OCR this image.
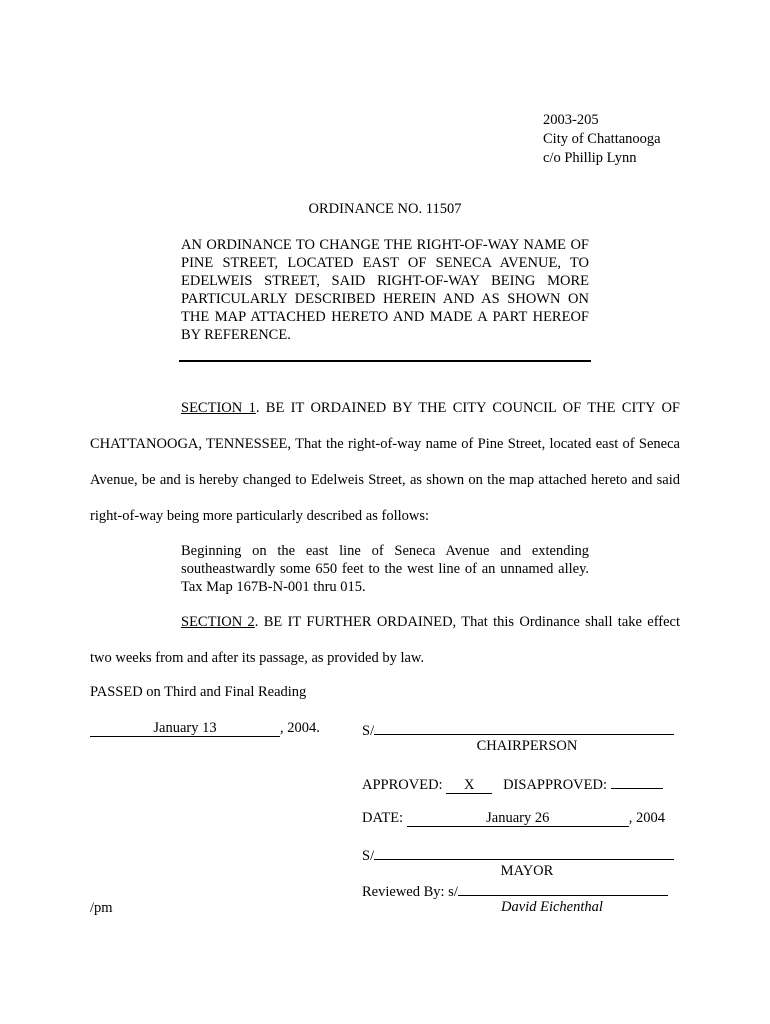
2003-205
City of Chattanooga
c/o Phillip Lynn
ORDINANCE NO. 11507
AN ORDINANCE TO CHANGE THE RIGHT-OF-WAY NAME OF PINE STREET, LOCATED EAST OF SENECA AVENUE, TO EDELWEIS STREET, SAID RIGHT-OF-WAY BEING MORE PARTICULARLY DESCRIBED HEREIN AND AS SHOWN ON THE MAP ATTACHED HERETO AND MADE A PART HEREOF BY REFERENCE.
SECTION 1. BE IT ORDAINED BY THE CITY COUNCIL OF THE CITY OF CHATTANOOGA, TENNESSEE, That the right-of-way name of Pine Street, located east of Seneca Avenue, be and is hereby changed to Edelweis Street, as shown on the map attached hereto and said right-of-way being more particularly described as follows:
Beginning on the east line of Seneca Avenue and extending southeastwardly some 650 feet to the west line of an unnamed alley. Tax Map 167B-N-001 thru 015.
SECTION 2. BE IT FURTHER ORDAINED, That this Ordinance shall take effect two weeks from and after its passage, as provided by law.
PASSED on Third and Final Reading
January 13	, 2004.	S/
CHAIRPERSON
APPROVED: X DISAPPROVED:
DATE:	January 26	, 2004
S/
MAYOR
Reviewed By: s/
David Eichenthal
/pm
